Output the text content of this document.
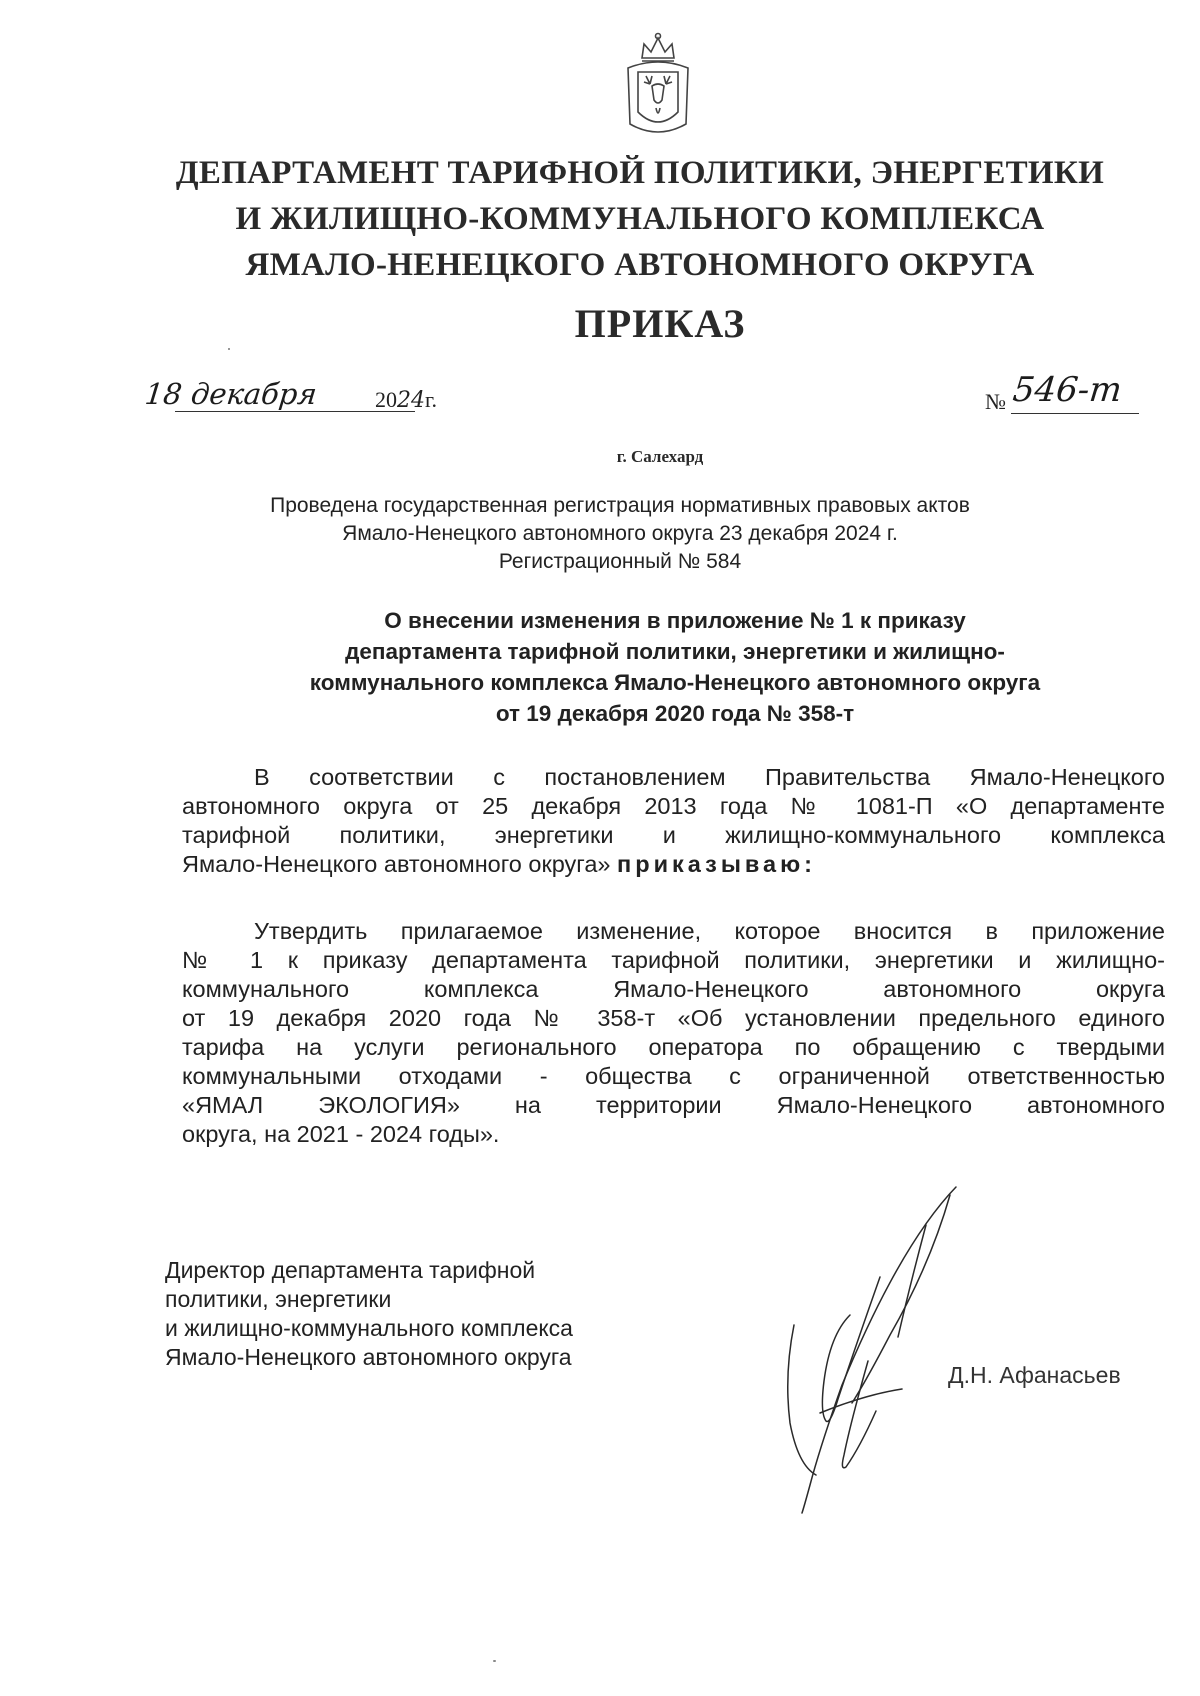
ДЕПАРТАМЕНТ ТАРИФНОЙ ПОЛИТИКИ, ЭНЕРГЕТИКИ
И ЖИЛИЩНО-КОММУНАЛЬНОГО КОМПЛЕКСА
ЯМАЛО-НЕНЕЦКОГО АВТОНОМНОГО ОКРУГА
ПРИКАЗ
18 декабря	2024г.	№ 546-т
г. Салехард
Проведена государственная регистрация нормативных правовых актов
Ямало-Ненецкого автономного округа 23 декабря 2024 г.
Регистрационный № 584
О внесении изменения в приложение № 1 к приказу
департамента тарифной политики, энергетики и жилищно-
коммунального комплекса Ямало-Ненецкого автономного округа
от 19 декабря 2020 года № 358-т
В соответствии с постановлением Правительства Ямало-Ненецкого
автономного округа от 25 декабря 2013 года № 1081-П «О департаменте
тарифной политики, энергетики и жилищно-коммунального комплекса
Ямало-Ненецкого автономного округа» приказываю:
Утвердить прилагаемое изменение, которое вносится в приложение
№ 1 к приказу департамента тарифной политики, энергетики и жилищно-
коммунального комплекса Ямало-Ненецкого автономного округа
от 19 декабря 2020 года № 358-т «Об установлении предельного единого
тарифа на услуги регионального оператора по обращению с твердыми
коммунальными отходами - общества с ограниченной ответственностью
«ЯМАЛ ЭКОЛОГИЯ» на территории Ямало-Ненецкого автономного
округа, на 2021 - 2024 годы».
Директор департамента тарифной
политики, энергетики
и жилищно-коммунального комплекса
Ямало-Ненецкого автономного округа
Д.Н. Афанасьев
